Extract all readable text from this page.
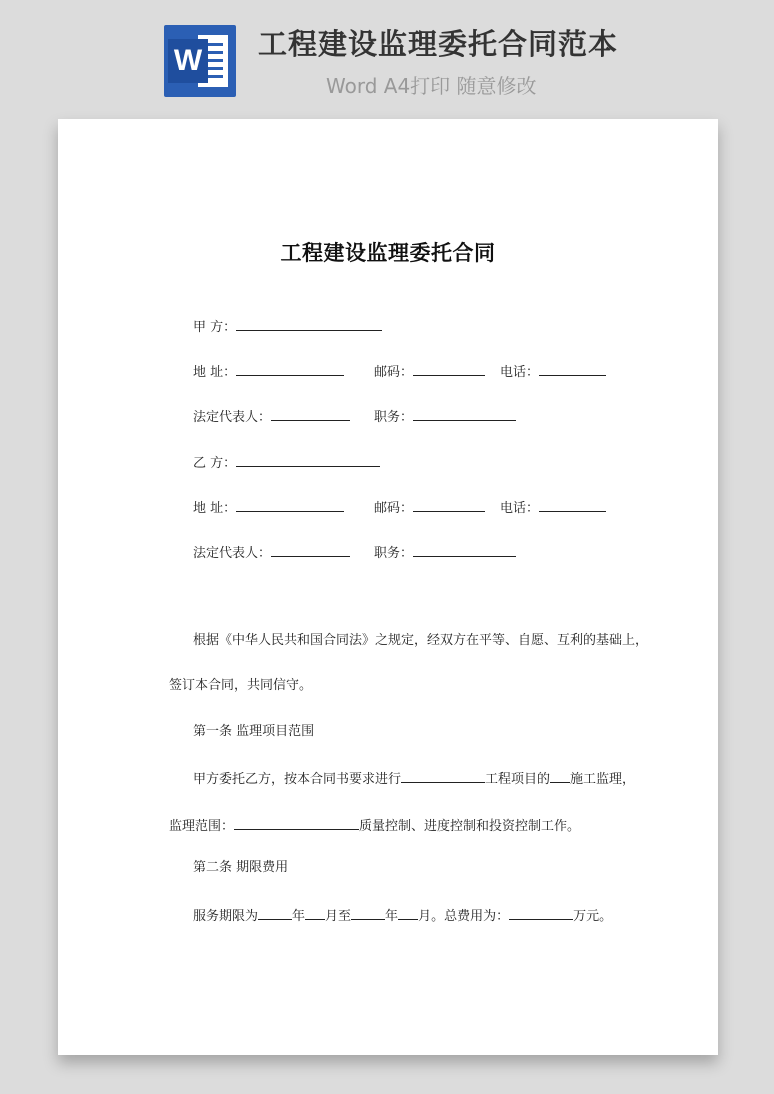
W 工程建设监理委托合同范本
Word A4打印 随意修改
​
工程建设监理委托合同
甲 方：
地 址：	邮码：	电话：
法定代表人：	职务：
乙 方：
地 址：	邮码：	电话：
法定代表人：	职务：
根据《中华人民共和国合同法》之规定，经双方在平等、自愿、互利的基础上，
签订本合同，共同信守。
第一条 监理项目范围
甲方委托乙方，按本合同书要求进行	工程项目的 施工监理，
监理范围：	质量控制、进度控制和投资控制工作。
第二条 期限费用
服务期限为	年 月至	年 月。总费用为：	万元。
